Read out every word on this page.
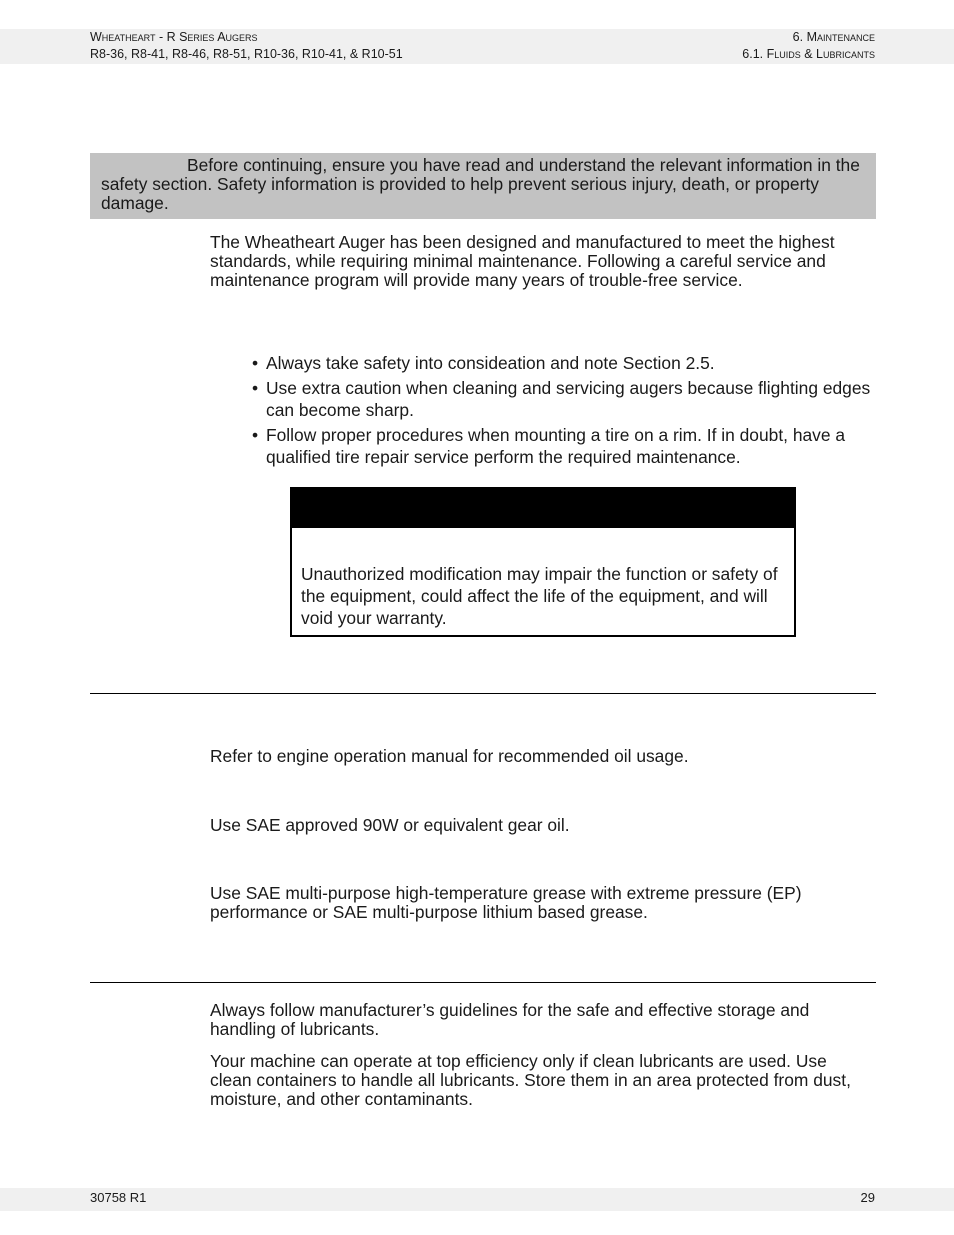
Wheatheart - R Series Augers
R8-36, R8-41, R8-46, R8-51, R10-36, R10-41, & R10-51
6. Maintenance
6.1. Fluids & Lubricants
Before continuing, ensure you have read and understand the relevant information in the safety section. Safety information is provided to help prevent serious injury, death, or property damage.

The Wheatheart Auger has been designed and manufactured to meet the highest standards, while requiring minimal maintenance. Following a careful service and maintenance program will provide many years of trouble-free service.

• Always take safety into consideation and note Section 2.5.
• Use extra caution when cleaning and servicing augers because flighting edges can become sharp.
• Follow proper procedures when mounting a tire on a rim. If in doubt, have a qualified tire repair service perform the required maintenance.
Unauthorized modification may impair the function or safety of the equipment, could affect the life of the equipment, and will void your warranty.

Refer to engine operation manual for recommended oil usage.

Use SAE approved 90W or equivalent gear oil.

Use SAE multi-purpose high-temperature grease with extreme pressure (EP) performance or SAE multi-purpose lithium based grease.

Always follow manufacturer’s guidelines for the safe and effective storage and handling of lubricants.

Your machine can operate at top efficiency only if clean lubricants are used. Use clean containers to handle all lubricants. Store them in an area protected from dust, moisture, and other contaminants.

30758 R1	29
